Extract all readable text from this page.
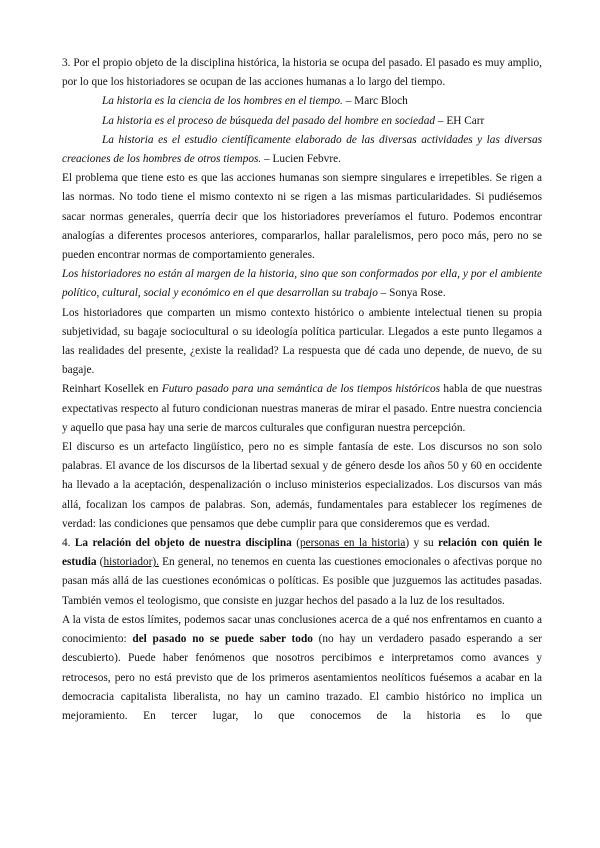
3. Por el propio objeto de la disciplina histórica, la historia se ocupa del pasado. El pasado es muy amplio, por lo que los historiadores se ocupan de las acciones humanas a lo largo del tiempo.

La historia es la ciencia de los hombres en el tiempo. – Marc Bloch

La historia es el proceso de búsqueda del pasado del hombre en sociedad – EH Carr

La historia es el estudio científicamente elaborado de las diversas actividades y las diversas creaciones de los hombres de otros tiempos. – Lucien Febvre.

El problema que tiene esto es que las acciones humanas son siempre singulares e irrepetibles. Se rigen a las normas. No todo tiene el mismo contexto ni se rigen a las mismas particularidades. Si pudiésemos sacar normas generales, querría decir que los historiadores preveríamos el futuro. Podemos encontrar analogías a diferentes procesos anteriores, compararlos, hallar paralelismos, pero poco más, pero no se pueden encontrar normas de comportamiento generales.

Los historiadores no están al margen de la historia, sino que son conformados por ella, y por el ambiente político, cultural, social y económico en el que desarrollan su trabajo – Sonya Rose.

Los historiadores que comparten un mismo contexto histórico o ambiente intelectual tienen su propia subjetividad, su bagaje sociocultural o su ideología política particular. Llegados a este punto llegamos a las realidades del presente, ¿existe la realidad? La respuesta que dé cada uno depende, de nuevo, de su bagaje.

Reinhart Kosellek en Futuro pasado para una semántica de los tiempos históricos habla de que nuestras expectativas respecto al futuro condicionan nuestras maneras de mirar el pasado. Entre nuestra conciencia y aquello que pasa hay una serie de marcos culturales que configuran nuestra percepción.

El discurso es un artefacto lingüístico, pero no es simple fantasía de este. Los discursos no son solo palabras. El avance de los discursos de la libertad sexual y de género desde los años 50 y 60 en occidente ha llevado a la aceptación, despenalización o incluso ministerios especializados. Los discursos van más allá, focalizan los campos de palabras. Son, además, fundamentales para establecer los regímenes de verdad: las condiciones que pensamos que debe cumplir para que consideremos que es verdad.

4. La relación del objeto de nuestra disciplina (personas en la historia) y su relación con quién le estudia (historiador). En general, no tenemos en cuenta las cuestiones emocionales o afectivas porque no pasan más allá de las cuestiones económicas o políticas. Es posible que juzguemos las actitudes pasadas. También vemos el teologismo, que consiste en juzgar hechos del pasado a la luz de los resultados.

A la vista de estos límites, podemos sacar unas conclusiones acerca de a qué nos enfrentamos en cuanto a conocimiento: del pasado no se puede saber todo (no hay un verdadero pasado esperando a ser descubierto). Puede haber fenómenos que nosotros percibimos e interpretamos como avances y retrocesos, pero no está previsto que de los primeros asentamientos neolíticos fuésemos a acabar en la democracia capitalista liberalista, no hay un camino trazado. El cambio histórico no implica un mejoramiento. En tercer lugar, lo que conocemos de la historia es lo que
